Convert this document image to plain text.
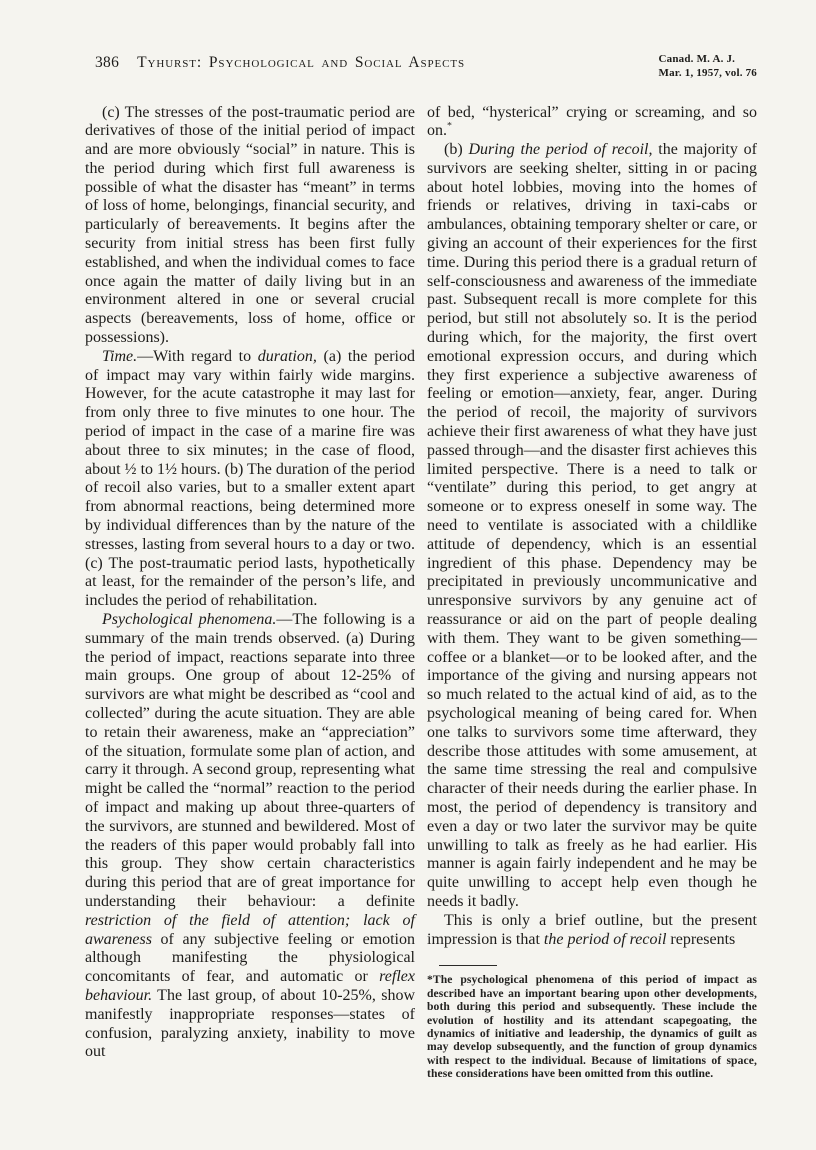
386 Tyhurst: Psychological and Social Aspects	Canad. M. A. J.
Mar. 1, 1957, vol. 76

(c) The stresses of the post-traumatic period are derivatives of those of the initial period of impact and are more obviously “social” in nature. This is the period during which first full awareness is possible of what the disaster has “meant” in terms of loss of home, belongings, financial security, and particularly of bereavements. It begins after the security from initial stress has been first fully established, and when the individual comes to face once again the matter of daily living but in an environment altered in one or several crucial aspects (bereavements, loss of home, office or possessions).

Time.—With regard to duration, (a) the period of impact may vary within fairly wide margins. However, for the acute catastrophe it may last for from only three to five minutes to one hour. The period of impact in the case of a marine fire was about three to six minutes; in the case of flood, about ½ to 1½ hours. (b) The duration of the period of recoil also varies, but to a smaller extent apart from abnormal reactions, being determined more by individual differences than by the nature of the stresses, lasting from several hours to a day or two. (c) The post-traumatic period lasts, hypothetically at least, for the remainder of the person’s life, and includes the period of rehabilitation.

Psychological phenomena.—The following is a summary of the main trends observed. (a) During the period of impact, reactions separate into three main groups. One group of about 12-25% of survivors are what might be described as “cool and collected” during the acute situation. They are able to retain their awareness, make an “appreciation” of the situation, formulate some plan of action, and carry it through. A second group, representing what might be called the “normal” reaction to the period of impact and making up about three-quarters of the survivors, are stunned and bewildered. Most of the readers of this paper would probably fall into this group. They show certain characteristics during this period that are of great importance for understanding their behaviour: a definite restriction of the field of attention; lack of awareness of any subjective feeling or emotion although manifesting the physiological concomitants of fear, and automatic or reflex behaviour. The last group, of about 10-25%, show manifestly inappropriate responses—states of confusion, paralyzing anxiety, inability to move out

of bed, “hysterical” crying or screaming, and so on.*

(b) During the period of recoil, the majority of survivors are seeking shelter, sitting in or pacing about hotel lobbies, moving into the homes of friends or relatives, driving in taxi-cabs or ambulances, obtaining temporary shelter or care, or giving an account of their experiences for the first time. During this period there is a gradual return of self-consciousness and awareness of the immediate past. Subsequent recall is more complete for this period, but still not absolutely so. It is the period during which, for the majority, the first overt emotional expression occurs, and during which they first experience a subjective awareness of feeling or emotion—anxiety, fear, anger. During the period of recoil, the majority of survivors achieve their first awareness of what they have just passed through—and the disaster first achieves this limited perspective. There is a need to talk or “ventilate” during this period, to get angry at someone or to express oneself in some way. The need to ventilate is associated with a childlike attitude of dependency, which is an essential ingredient of this phase. Dependency may be precipitated in previously uncommunicative and unresponsive survivors by any genuine act of reassurance or aid on the part of people dealing with them. They want to be given something—coffee or a blanket—or to be looked after, and the importance of the giving and nursing appears not so much related to the actual kind of aid, as to the psychological meaning of being cared for. When one talks to survivors some time afterward, they describe those attitudes with some amusement, at the same time stressing the real and compulsive character of their needs during the earlier phase. In most, the period of dependency is transitory and even a day or two later the survivor may be quite unwilling to talk as freely as he had earlier. His manner is again fairly independent and he may be quite unwilling to accept help even though he needs it badly.

This is only a brief outline, but the present impression is that the period of recoil represents

*The psychological phenomena of this period of impact as described have an important bearing upon other developments, both during this period and subsequently. These include the evolution of hostility and its attendant scapegoating, the dynamics of initiative and leadership, the dynamics of guilt as may develop subsequently, and the function of group dynamics with respect to the individual. Because of limitations of space, these considerations have been omitted from this outline.
